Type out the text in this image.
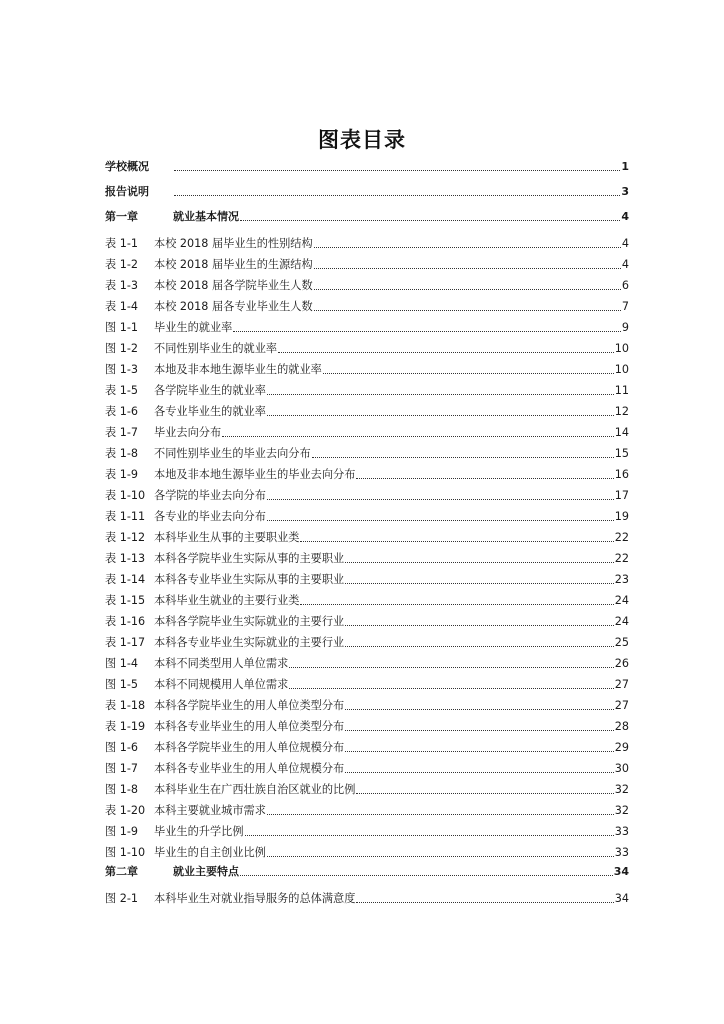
图表目录
学校概况	1
报告说明	3
第一章	就业基本情况	4
表 1-1	本校 2018 届毕业生的性别结构	4
表 1-2	本校 2018 届毕业生的生源结构	4
表 1-3	本校 2018 届各学院毕业生人数	6
表 1-4	本校 2018 届各专业毕业生人数	7
图 1-1	毕业生的就业率	9
图 1-2	不同性别毕业生的就业率	10
图 1-3	本地及非本地生源毕业生的就业率	10
表 1-5	各学院毕业生的就业率	11
表 1-6	各专业毕业生的就业率	12
表 1-7	毕业去向分布	14
表 1-8	不同性别毕业生的毕业去向分布	15
表 1-9	本地及非本地生源毕业生的毕业去向分布	16
表 1-10 各学院的毕业去向分布	17
表 1-11 各专业的毕业去向分布	19
表 1-12 本科毕业生从事的主要职业类	22
表 1-13 本科各学院毕业生实际从事的主要职业	22
表 1-14 本科各专业毕业生实际从事的主要职业	23
表 1-15 本科毕业生就业的主要行业类	24
表 1-16 本科各学院毕业生实际就业的主要行业	24
表 1-17 本科各专业毕业生实际就业的主要行业	25
图 1-4	本科不同类型用人单位需求	26
图 1-5	本科不同规模用人单位需求	27
表 1-18 本科各学院毕业生的用人单位类型分布	27
表 1-19 本科各专业毕业生的用人单位类型分布	28
图 1-6	本科各学院毕业生的用人单位规模分布	29
图 1-7	本科各专业毕业生的用人单位规模分布	30
图 1-8	本科毕业生在广西壮族自治区就业的比例	32
表 1-20 本科主要就业城市需求	32
图 1-9	毕业生的升学比例	33
图 1-10 毕业生的自主创业比例	33
第二章	就业主要特点	34
图 2-1	本科毕业生对就业指导服务的总体满意度	34
